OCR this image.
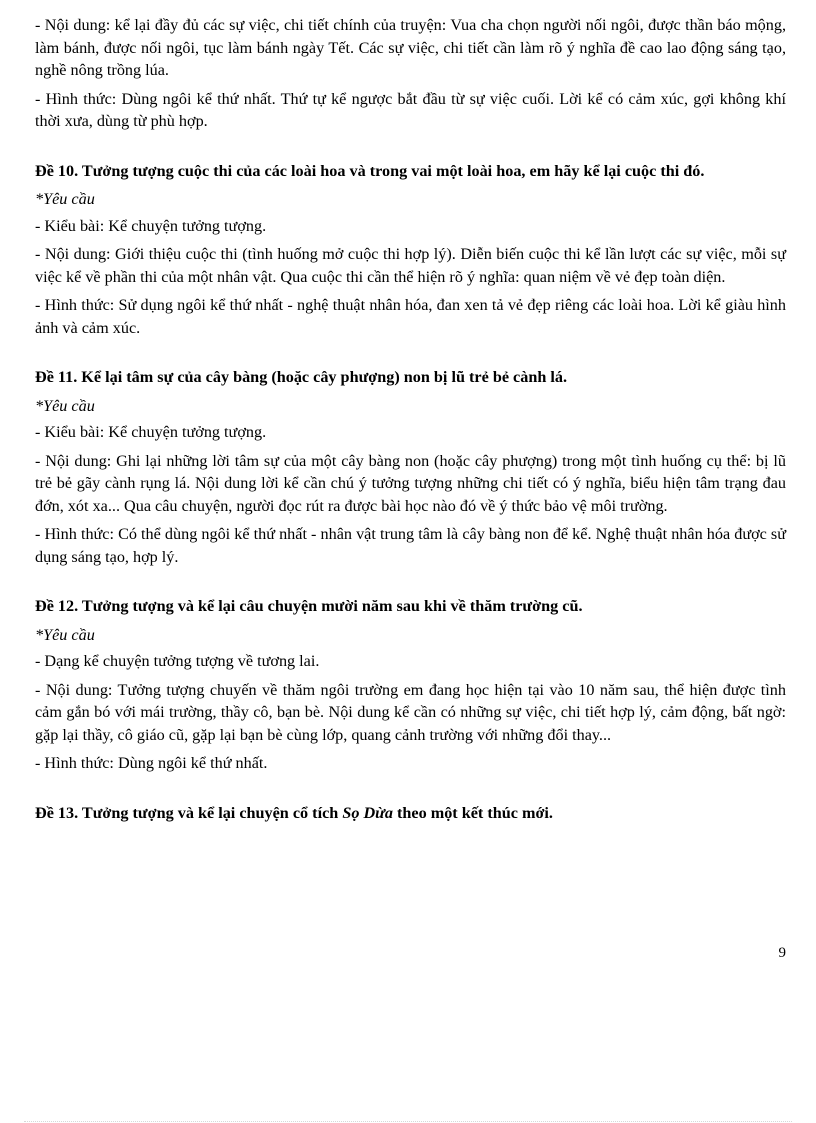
- Nội dung: kể lại đầy đủ các sự việc, chi tiết chính của truyện: Vua cha chọn người nối ngôi, được thần báo mộng, làm bánh, được nối ngôi, tục làm bánh ngày Tết. Các sự việc, chi tiết cần làm rõ ý nghĩa đề cao lao động sáng tạo, nghề nông trồng lúa.

- Hình thức: Dùng ngôi kể thứ nhất. Thứ tự kể ngược bắt đầu từ sự việc cuối. Lời kể có cảm xúc, gợi không khí thời xưa, dùng từ phù hợp.

Đề 10. Tưởng tượng cuộc thi của các loài hoa và trong vai một loài hoa, em hãy kể lại cuộc thi đó.

*Yêu cầu

- Kiểu bài: Kể chuyện tưởng tượng.

- Nội dung: Giới thiệu cuộc thi (tình huống mở cuộc thi hợp lý). Diễn biến cuộc thi kể lần lượt các sự việc, mỗi sự việc kể về phần thi của một nhân vật. Qua cuộc thi cần thể hiện rõ ý nghĩa: quan niệm về vẻ đẹp toàn diện.

- Hình thức: Sử dụng ngôi kể thứ nhất - nghệ thuật nhân hóa, đan xen tả vẻ đẹp riêng các loài hoa. Lời kể giàu hình ảnh và cảm xúc.

Đề 11. Kể lại tâm sự của cây bàng (hoặc cây phượng) non bị lũ trẻ bẻ cành lá.

*Yêu cầu

- Kiểu bài: Kể chuyện tưởng tượng.

- Nội dung: Ghi lại những lời tâm sự của một cây bàng non (hoặc cây phượng) trong một tình huống cụ thể: bị lũ trẻ bẻ gãy cành rụng lá. Nội dung lời kể cần chú ý tưởng tượng những chi tiết có ý nghĩa, biểu hiện tâm trạng đau đớn, xót xa... Qua câu chuyện, người đọc rút ra được bài học nào đó về ý thức bảo vệ môi trường.

- Hình thức: Có thể dùng ngôi kể thứ nhất - nhân vật trung tâm là cây bàng non để kể. Nghệ thuật nhân hóa được sử dụng sáng tạo, hợp lý.

Đề 12. Tưởng tượng và kể lại câu chuyện mười năm sau khi về thăm trường cũ.

*Yêu cầu

- Dạng kể chuyện tưởng tượng về tương lai.

- Nội dung: Tưởng tượng chuyến về thăm ngôi trường em đang học hiện tại vào 10 năm sau, thể hiện được tình cảm gắn bó với mái trường, thầy cô, bạn bè. Nội dung kể cần có những sự việc, chi tiết hợp lý, cảm động, bất ngờ: gặp lại thầy, cô giáo cũ, gặp lại bạn bè cùng lớp, quang cảnh trường với những đổi thay...

- Hình thức: Dùng ngôi kể thứ nhất.

Đề 13. Tưởng tượng và kể lại chuyện cổ tích Sọ Dừa theo một kết thúc mới.

9
